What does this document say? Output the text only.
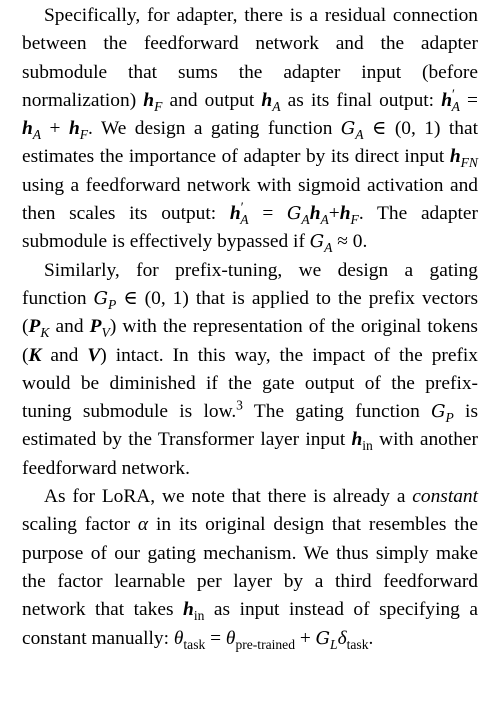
Specifically, for adapter, there is a residual connection between the feedforward network and the adapter submodule that sums the adapter input (before normalization) $h_F$ and output $h_A$ as its final output: $h'_A = h_A + h_F$. We design a gating function $G_A$ ∈ (0, 1) that estimates the importance of adapter by its direct input $h_{FN}$ using a feedforward network with sigmoid activation and then scales its output: $h'_A = G_Ah_A+h_F$. The adapter submodule is effectively bypassed if $G_A \approx 0$.

Similarly, for prefix-tuning, we design a gating function $G_P$ ∈ (0, 1) that is applied to the prefix vectors ($P_K$ and $P_V$) with the representation of the original tokens (K and V) intact. In this way, the impact of the prefix would be diminished if the gate output of the prefix-tuning submodule is low.$^3$ The gating function $G_P$ is estimated by the Transformer layer input $h_{in}$ with another feedforward network.

As for LoRA, we note that there is already a constant scaling factor α in its original design that resembles the purpose of our gating mechanism. We thus simply make the factor learnable per layer by a third feedforward network that takes $h_{in}$ as input instead of specifying a constant manually: $\theta_{task} = \theta_{pre-trained} + G_L\delta_{task}$.
